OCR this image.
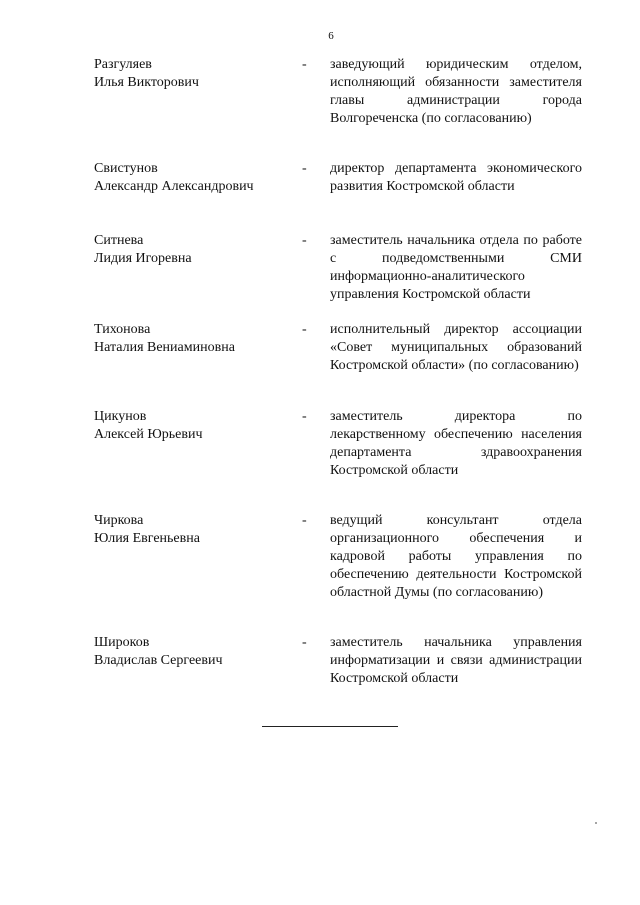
6
Разгуляев
Илья Викторович
- заведующий юридическим отделом, исполняющий обязанности заместителя главы администрации города Волгореченска (по согласованию)
Свистунов
Александр Александрович
- директор департамента экономического развития Костромской области
Ситнева
Лидия Игоревна
- заместитель начальника отдела по работе с подведомственными СМИ информационно-аналитического управления Костромской области
Тихонова
Наталия Вениаминовна
- исполнительный директор ассоциации «Совет муниципальных образований Костромской области» (по согласованию)
Цикунов
Алексей Юрьевич
- заместитель директора по лекарственному обеспечению населения департамента здравоохранения Костромской области
Чиркова
Юлия Евгеньевна
- ведущий консультант отдела организационного обеспечения и кадровой работы управления по обеспечению деятельности Костромской областной Думы (по согласованию)
Широков
Владислав Сергеевич
- заместитель начальника управления информатизации и связи администрации Костромской области
